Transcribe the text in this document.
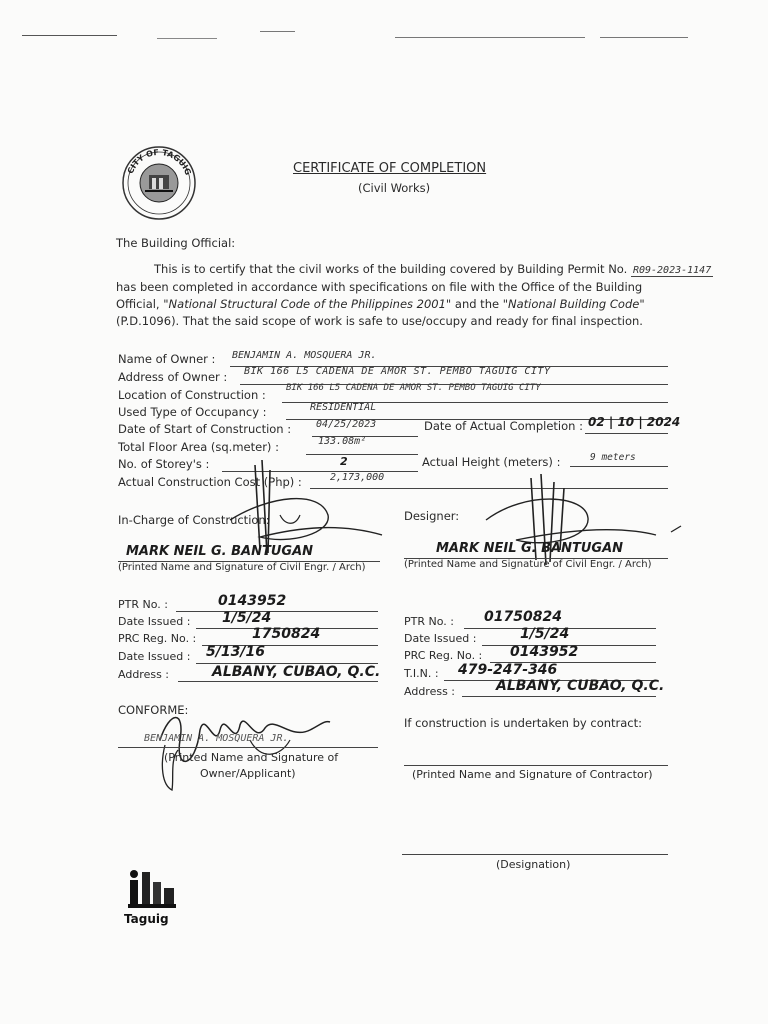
CITY OF TAGUIG	CERTIFICATE OF COMPLETION
(Civil Works)
The Building Official:
This is to certify that the civil works of the building covered by Building Permit No. R09-2023-1147
has been completed in accordance with specifications on file with the Office of the Building
Official, "National Structural Code of the Philippines 2001" and the "National Building Code"
(P.D.1096). That the said scope of work is safe to use/occupy and ready for final inspection.
Name of Owner : BENJAMIN A. MOSQUERA JR.
Address of Owner : BIK 166 L5 CADENA DE AMOR ST. PEMBO TAGUIG CITY
Location of Construction : BIK 166 L5 CADENA DE AMOR ST. PEMBO TAGUIG CITY
Used Type of Occupancy :	RESIDENTIAL
Date of Start of Construction : 04/25/2023	Date of Actual Completion : 02 | 10 | 2024
Total Floor Area (sq.meter) :	133.08m²
No. of Storey's :	2	Actual Height (meters) :	9 meters
Actual Construction Cost (Php) :	2,173,000
In-Charge of Construction:
MARK NEIL G. BANTUGAN
(Printed Name and Signature of Civil Engr. / Arch)
PTR No. :	0143952
Date Issued : 1/5/24
PRC Reg. No. :	1750824
Date Issued : 5/13/16
Address :	ALBANY, CUBAO, Q.C.
Designer:
MARK NEIL G. BANTUGAN
(Printed Name and Signature of Civil Engr. / Arch)
PTR No. : 01750824
Date Issued :	1/5/24
PRC Reg. No. : 0143952
T.I.N. : 479-247-346
Address :	ALBANY, CUBAO, Q.C.
CONFORME:
BENJAMIN A. MOSQUERA JR.
(Printed Name and Signature of
Owner/Applicant)
If construction is undertaken by contract:
(Printed Name and Signature of Contractor)
(Designation)
Taguig
